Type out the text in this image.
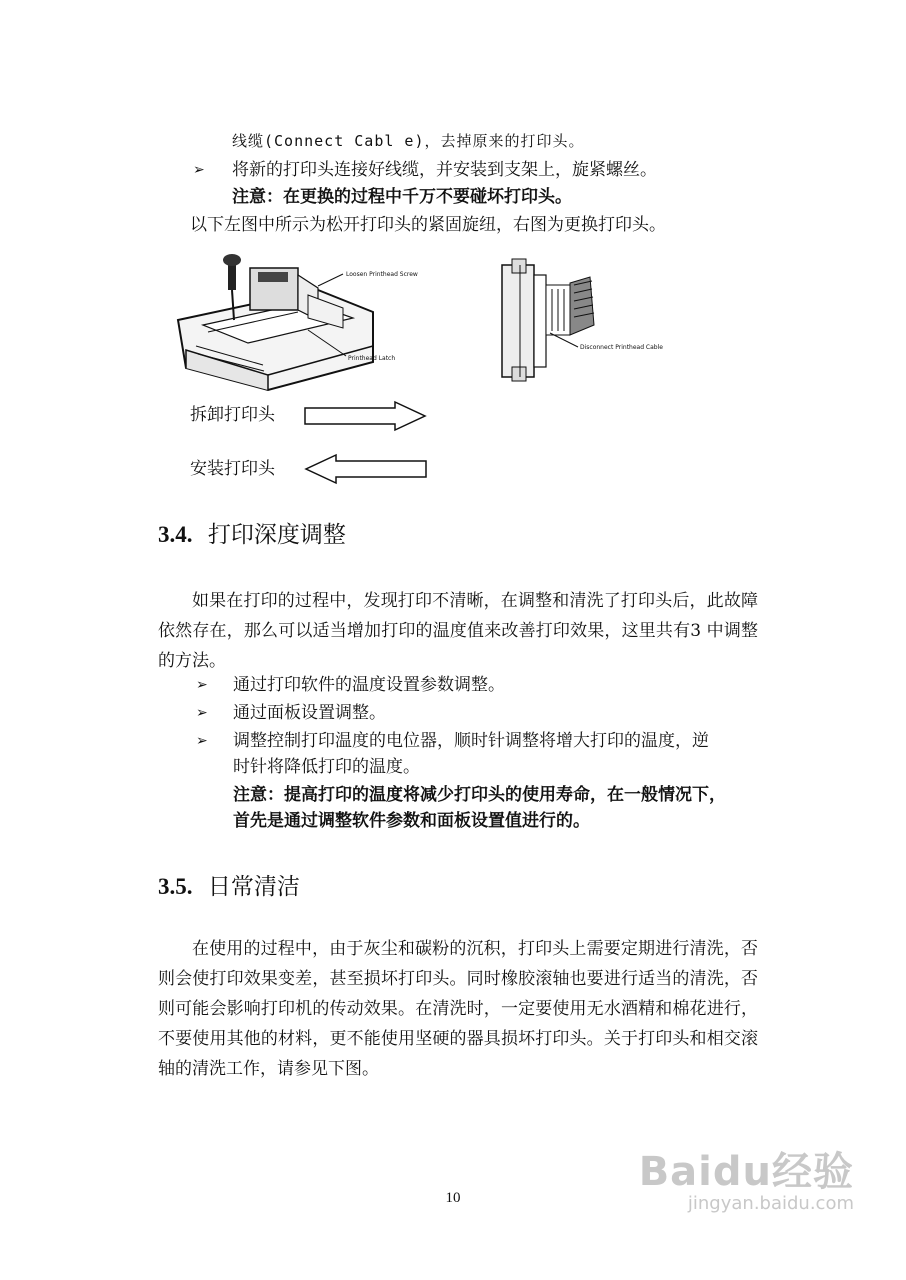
线缆(Connect Cabl e)，去掉原来的打印头。
➢ 将新的打印头连接好线缆，并安装到支架上，旋紧螺丝。
注意：在更换的过程中千万不要碰坏打印头。
以下左图中所示为松开打印头的紧固旋纽，右图为更换打印头。
Loosen Printhead Screw
Printhead Latch
Disconnect Printhead Cable
拆卸打印头
安装打印头
3.4. 打印深度调整

如果在打印的过程中，发现打印不清晰，在调整和清洗了打印头后，此故障依然存在，那么可以适当增加打印的温度值来改善打印效果，这里共有3 中调整的方法。

➢ 通过打印软件的温度设置参数调整。
➢ 通过面板设置调整。
➢ 调整控制打印温度的电位器，顺时针调整将增大打印的温度，逆
时针将降低打印的温度。
注意：提高打印的温度将减少打印头的使用寿命，在一般情况下，
首先是通过调整软件参数和面板设置值进行的。
3.5. 日常清洁

在使用的过程中，由于灰尘和碳粉的沉积，打印头上需要定期进行清洗，否则会使打印效果变差，甚至损坏打印头。同时橡胶滚轴也要进行适当的清洗，否则可能会影响打印机的传动效果。在清洗时，一定要使用无水酒精和棉花进行，不要使用其他的材料，更不能使用坚硬的器具损坏打印头。关于打印头和相交滚轴的清洗工作，请参见下图。

10
Baidu经验
jingyan.baidu.com
